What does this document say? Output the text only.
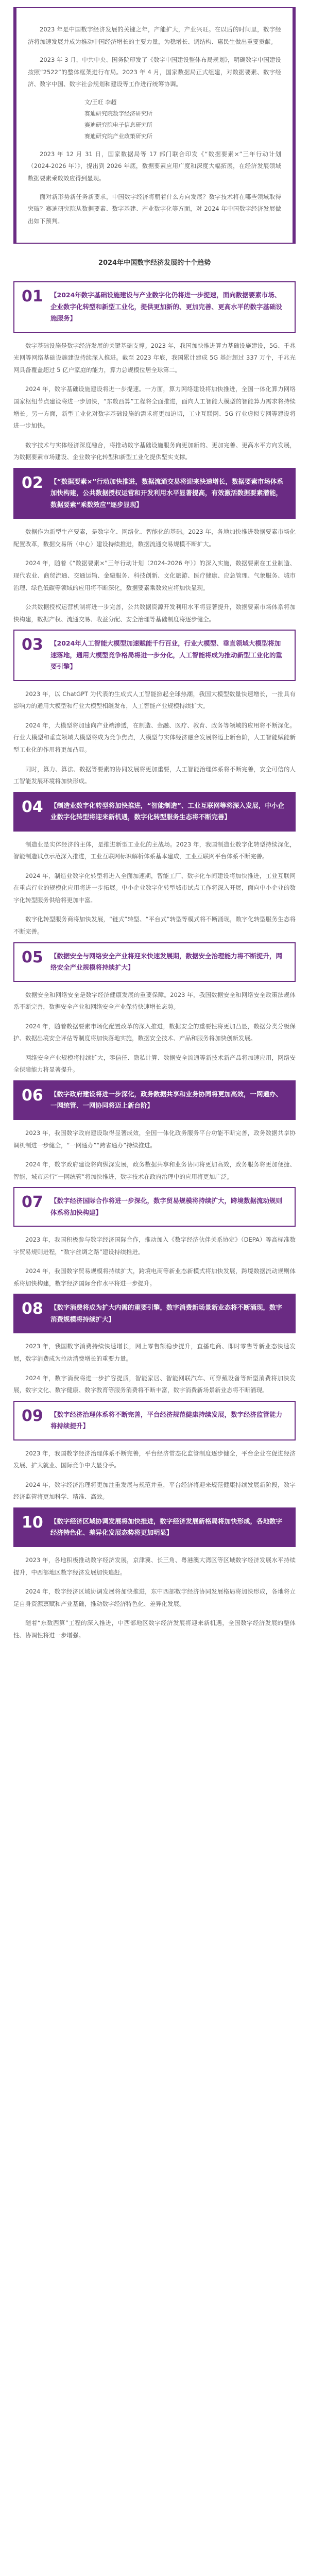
2023 年是中国数字经济发展的关键之年，产能扩大，产业兴旺。在以后的时间里，数字经济将加速发展并成为推动中国经济增长的主要力量，为稳增长、调结构、惠民生做出重要贡献。

2023 年 3 月，中共中央、国务院印发了《数字中国建设整体布局规划》，明确数字中国建设按照“2522”的整体框架进行布局。2023 年 4 月，国家数据局正式组建，对数据要素、数字经济、数字中国、数字社会规划和建设等工作进行统筹协调。

文/王旺 李超
赛迪研究院数字经济研究所
赛迪研究院电子信息研究所
赛迪研究院产业政策研究所

2023 年 12 月 31 日，国家数据局等 17 部门联合印发《“数据要素×”三年行动计划（2024-2026 年）》，提出到 2026 年底，数据要素应用广度和深度大幅拓展，在经济发展领域数据要素乘数效应得到显现。

面对新形势新任务新要求，中国数字经济将朝着什么方向发展？数字技术将在哪些领域取得突破？赛迪研究院从数据要素、数字基建、产业数字化等方面，对 2024 年中国数字经济发展做出如下预判。

2024年中国数字经济发展的十个趋势
01 【2024年数字基础设施建设与产业数字化仍将进一步提速，面向数据要素市场、企业数字化转型和新型工业化，提供更加新的、更加完善、更高水平的数字基础设施服务】

数字基础设施是数字经济发展的关键基础支撑。2023 年，我国加快推进算力基础设施建设，5G、千兆光网等网络基础设施建设持续深入推进。截至 2023 年底，我国累计建成 5G 基站超过 337 万个，千兆光网具备覆盖超过 5 亿户家庭的能力，算力总规模位居全球第二。

2024 年，数字基础设施建设将进一步提速。一方面，算力网络建设将加快推进，全国一体化算力网络国家枢纽节点建设将进一步加快，“东数西算”工程将全面推进，面向人工智能大模型的智能算力需求将持续增长。另一方面，新型工业化对数字基础设施的需求将更加迫切，工业互联网、5G 行业虚拟专网等建设将进一步加快。

数字技术与实体经济深度融合，将推动数字基础设施服务向更加新的、更加完善、更高水平方向发展，为数据要素市场建设、企业数字化转型和新型工业化提供坚实支撑。

02 【“数据要素×”行动加快推进，数据流通交易将迎来快速增长，数据要素市场体系加快构建，公共数据授权运营和开发利用水平显著提高，有效激活数据要素潜能，数据要素“乘数效应”逐步显现】

数据作为新型生产要素，是数字化、网络化、智能化的基础。2023 年，各地加快推进数据要素市场化配置改革，数据交易所（中心）建设持续推进，数据流通交易规模不断扩大。

2024 年，随着《“数据要素×”三年行动计划（2024-2026 年）》的深入实施，数据要素在工业制造、现代农业、商贸流通、交通运输、金融服务、科技创新、文化旅游、医疗健康、应急管理、气象服务、城市治理、绿色低碳等领域的应用将不断深化，数据要素乘数效应将加快显现。

公共数据授权运营机制将进一步完善，公共数据资源开发利用水平将显著提升，数据要素市场体系将加快构建，数据产权、流通交易、收益分配、安全治理等基础制度将逐步健全。

03 【2024年人工智能大模型加速赋能千行百业，行业大模型、垂直领域大模型将加速落地，通用大模型竞争格局将进一步分化，人工智能将成为推动新型工业化的重要引擎】

2023 年，以 ChatGPT 为代表的生成式人工智能掀起全球热潮，我国大模型数量快速增长，一批具有影响力的通用大模型和行业大模型相继发布，人工智能产业规模持续扩大。

2024 年，大模型将加速向产业端渗透，在制造、金融、医疗、教育、政务等领域的应用将不断深化。行业大模型和垂直领域大模型将成为竞争焦点，大模型与实体经济融合发展将迈上新台阶，人工智能赋能新型工业化的作用将更加凸显。

同时，算力、算法、数据等要素的协同发展将更加重要，人工智能治理体系将不断完善，安全可信的人工智能发展环境将加快形成。

04 【制造业数字化转型将加快推进，“智能制造”、工业互联网等将深入发展，中小企业数字化转型将迎来新机遇，数字化转型服务生态将不断完善】

制造业是实体经济的主体，是推进新型工业化的主战场。2023 年，我国制造业数字化转型持续深化，智能制造试点示范深入推进，工业互联网标识解析体系基本建成，工业互联网平台体系不断完善。

2024 年，制造业数字化转型将进入全面加速期，智能工厂、数字化车间建设将加快推进，工业互联网在重点行业的规模化应用将进一步拓展。中小企业数字化转型城市试点工作将深入开展，面向中小企业的数字化转型服务供给将更加丰富。

数字化转型服务商将加快发展，“链式”转型、“平台式”转型等模式将不断涌现，数字化转型服务生态将不断完善。

05 【数据安全与网络安全产业将迎来快速发展期，数据安全治理能力将不断提升，网络安全产业规模将持续扩大】

数据安全和网络安全是数字经济健康发展的重要保障。2023 年，我国数据安全和网络安全政策法规体系不断完善，数据安全产业和网络安全产业保持快速增长态势。

2024 年，随着数据要素市场化配置改革的深入推进，数据安全的重要性将更加凸显，数据分类分级保护、数据出境安全评估等制度将加快落地实施，数据安全技术、产品和服务将加快创新发展。

网络安全产业规模将持续扩大，零信任、隐私计算、数据安全流通等新技术新产品将加速应用，网络安全保障能力将显著提升。

06 【数字政府建设将进一步深化，政务数据共享和业务协同将更加高效，一网通办、一网统管、一网协同将迈上新台阶】

2023 年，我国数字政府建设取得显著成效，全国一体化政务服务平台功能不断完善，政务数据共享协调机制进一步健全，“一网通办”“跨省通办”持续推进。

2024 年，数字政府建设将向纵深发展，政务数据共享和业务协同将更加高效，政务服务将更加便捷、智能，城市运行“一网统管”将加快推进，数字技术在政府治理中的应用将更加广泛。

07 【数字经济国际合作将进一步深化，数字贸易规模将持续扩大，跨境数据流动规则体系将加快构建】

2023 年，我国积极参与数字经济国际合作，推动加入《数字经济伙伴关系协定》（DEPA）等高标准数字贸易规则进程，“数字丝绸之路”建设持续推进。

2024 年，我国数字贸易规模将持续扩大，跨境电商等新业态新模式将加快发展，跨境数据流动规则体系将加快构建，数字经济国际合作水平将进一步提升。

08 【数字消费将成为扩大内需的重要引擎，数字消费新场景新业态将不断涌现，数字消费规模将持续扩大】

2023 年，我国数字消费持续快速增长，网上零售额稳步提升，直播电商、即时零售等新业态快速发展，数字消费成为拉动消费增长的重要力量。

2024 年，数字消费将进一步扩容提质，智能家居、智能网联汽车、可穿戴设备等新型消费将加快发展，数字文化、数字健康、数字教育等服务消费将不断丰富，数字消费新场景新业态将不断涌现。

09 【数字经济治理体系将不断完善，平台经济规范健康持续发展，数字经济监管能力将持续提升】

2023 年，我国数字经济治理体系不断完善，平台经济常态化监管制度逐步健全，平台企业在促进经济发展、扩大就业、国际竞争中大显身手。

2024 年，数字经济治理将更加注重发展与规范并重，平台经济将迎来规范健康持续发展新阶段，数字经济监管将更加科学、精准、高效。

10 【数字经济区域协调发展将加快推进，数字经济发展新格局将加快形成，各地数字经济特色化、差异化发展态势将更加明显】

2023 年，各地积极推动数字经济发展，京津冀、长三角、粤港澳大湾区等区域数字经济发展水平持续提升，中西部地区数字经济发展加快追赶。

2024 年，数字经济区域协调发展将加快推进，东中西部数字经济协同发展格局将加快形成，各地将立足自身资源禀赋和产业基础，推动数字经济特色化、差异化发展。

随着“东数西算”工程的深入推进，中西部地区数字经济发展将迎来新机遇，全国数字经济发展的整体性、协调性将进一步增强。
